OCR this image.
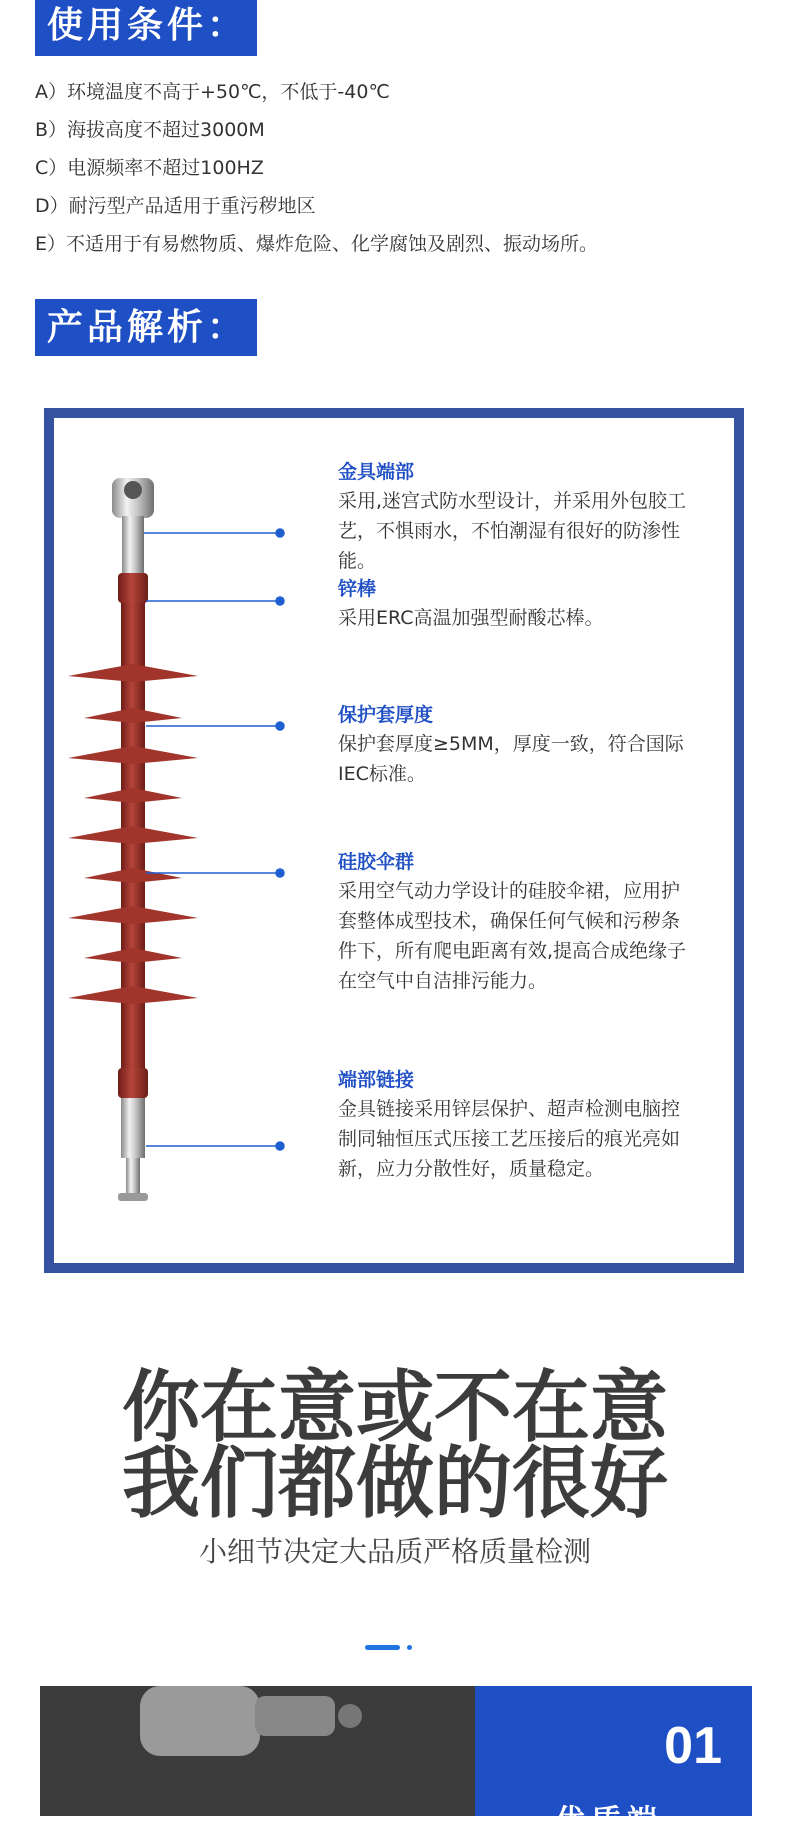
使用条件：
A）环境温度不高于+50℃，不低于-40℃
B）海拔高度不超过3000M
C）电源频率不超过100HZ
D）耐污型产品适用于重污秽地区
E）不适用于有易燃物质、爆炸危险、化学腐蚀及剧烈、振动场所。
产品解析：
金具端部
采用,迷宫式防水型设计，并采用外包胶工艺，不惧雨水，不怕潮湿有很好的防渗性能。
锌棒
采用ERC高温加强型耐酸芯棒。
保护套厚度
保护套厚度≥5MM，厚度一致，符合国际IEC标准。
硅胶伞群
采用空气动力学设计的硅胶伞裙，应用护套整体成型技术，确保任何气候和污秽条件下，所有爬电距离有效,提高合成绝缘子在空气中自洁排污能力。
端部链接
金具链接采用锌层保护、超声检测电脑控制同轴恒压式压接工艺压接后的痕光亮如新，应力分散性好，质量稳定。
你在意或不在意
我们都做的很好
小细节决定大品质严格质量检测
01
优质端
